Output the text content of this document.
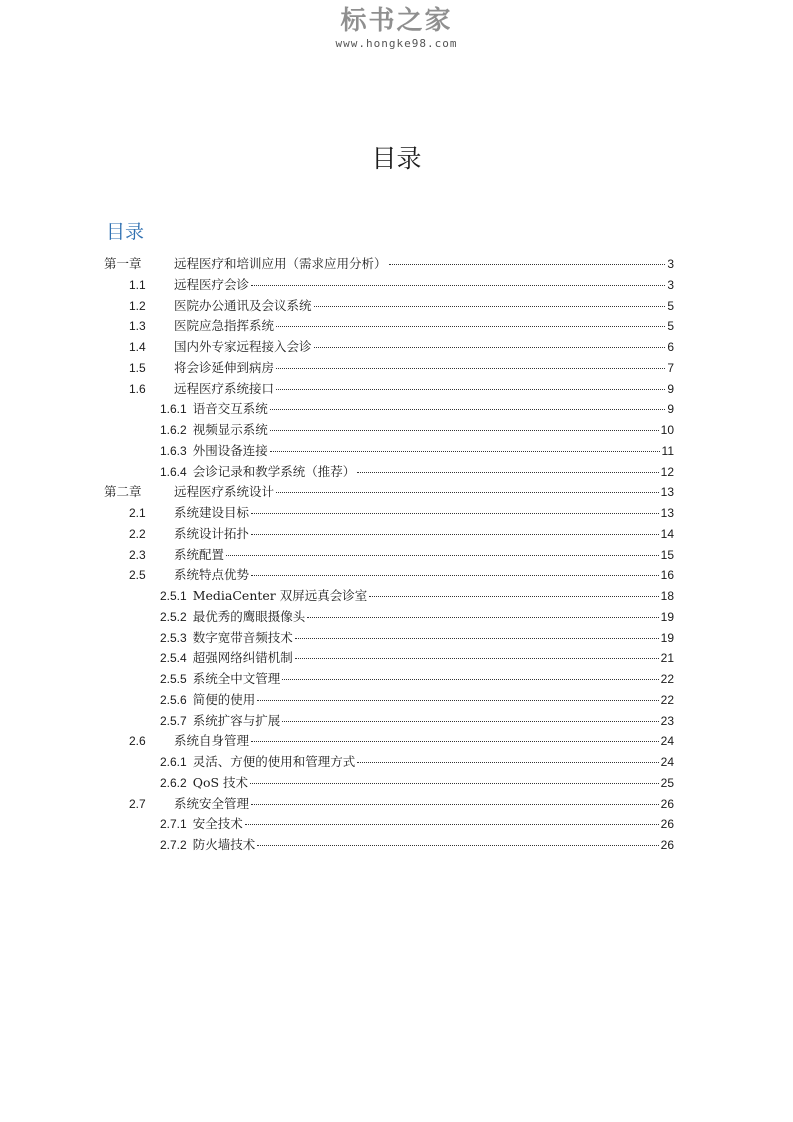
标书之家
www.hongke98.com
目录
目录
第一章	远程医疗和培训应用（需求应用分析）	3
1.1	远程医疗会诊	3
1.2	医院办公通讯及会议系统	5
1.3	医院应急指挥系统	5
1.4	国内外专家远程接入会诊	6
1.5	将会诊延伸到病房	7
1.6	远程医疗系统接口	9
1.6.1 语音交互系统	9
1.6.2 视频显示系统	10
1.6.3 外围设备连接	11
1.6.4 会诊记录和教学系统（推荐）	12
第二章	远程医疗系统设计	13
2.1	系统建设目标	13
2.2	系统设计拓扑	14
2.3	系统配置	15
2.5	系统特点优势	16
2.5.1 MediaCenter 双屏远真会诊室	18
2.5.2 最优秀的鹰眼摄像头	19
2.5.3 数字宽带音频技术	19
2.5.4 超强网络纠错机制	21
2.5.5 系统全中文管理	22
2.5.6 简便的使用	22
2.5.7 系统扩容与扩展	23
2.6	系统自身管理	24
2.6.1 灵活、方便的使用和管理方式	24
2.6.2 QoS 技术	25
2.7	系统安全管理	26
2.7.1 安全技术	26
2.7.2 防火墙技术	26
